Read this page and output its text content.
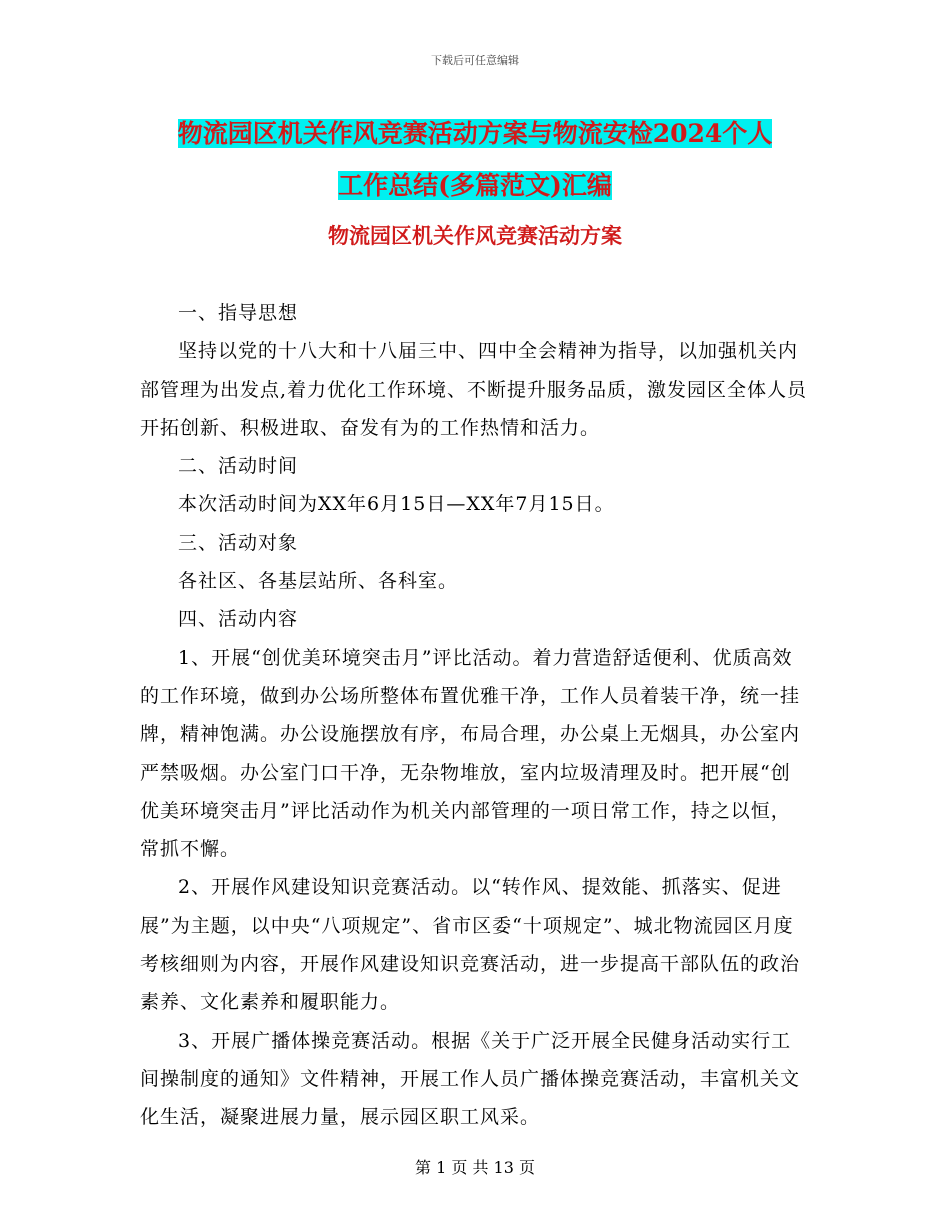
下载后可任意编辑
物流园区机关作风竞赛活动方案与物流安检2024个人
工作总结(多篇范文)汇编
物流园区机关作风竞赛活动方案

一、指导思想

坚持以党的十八大和十八届三中、四中全会精神为指导，以加强机关内部管理为出发点,着力优化工作环境、不断提升服务品质，激发园区全体人员开拓创新、积极进取、奋发有为的工作热情和活力。

二、活动时间

本次活动时间为XX年6月15日—XX年7月15日。

三、活动对象

各社区、各基层站所、各科室。

四、活动内容

1、开展“创优美环境突击月”评比活动。着力营造舒适便利、优质高效的工作环境，做到办公场所整体布置优雅干净，工作人员着装干净，统一挂牌，精神饱满。办公设施摆放有序，布局合理，办公桌上无烟具，办公室内严禁吸烟。办公室门口干净，无杂物堆放，室内垃圾清理及时。把开展“创优美环境突击月”评比活动作为机关内部管理的一项日常工作，持之以恒，常抓不懈。

2、开展作风建设知识竞赛活动。以“转作风、提效能、抓落实、促进展”为主题，以中央“八项规定”、省市区委“十项规定”、城北物流园区月度考核细则为内容，开展作风建设知识竞赛活动，进一步提高干部队伍的政治素养、文化素养和履职能力。

3、开展广播体操竞赛活动。根据《关于广泛开展全民健身活动实行工间操制度的通知》文件精神，开展工作人员广播体操竞赛活动，丰富机关文化生活，凝聚进展力量，展示园区职工风采。

第 1 页 共 13 页
